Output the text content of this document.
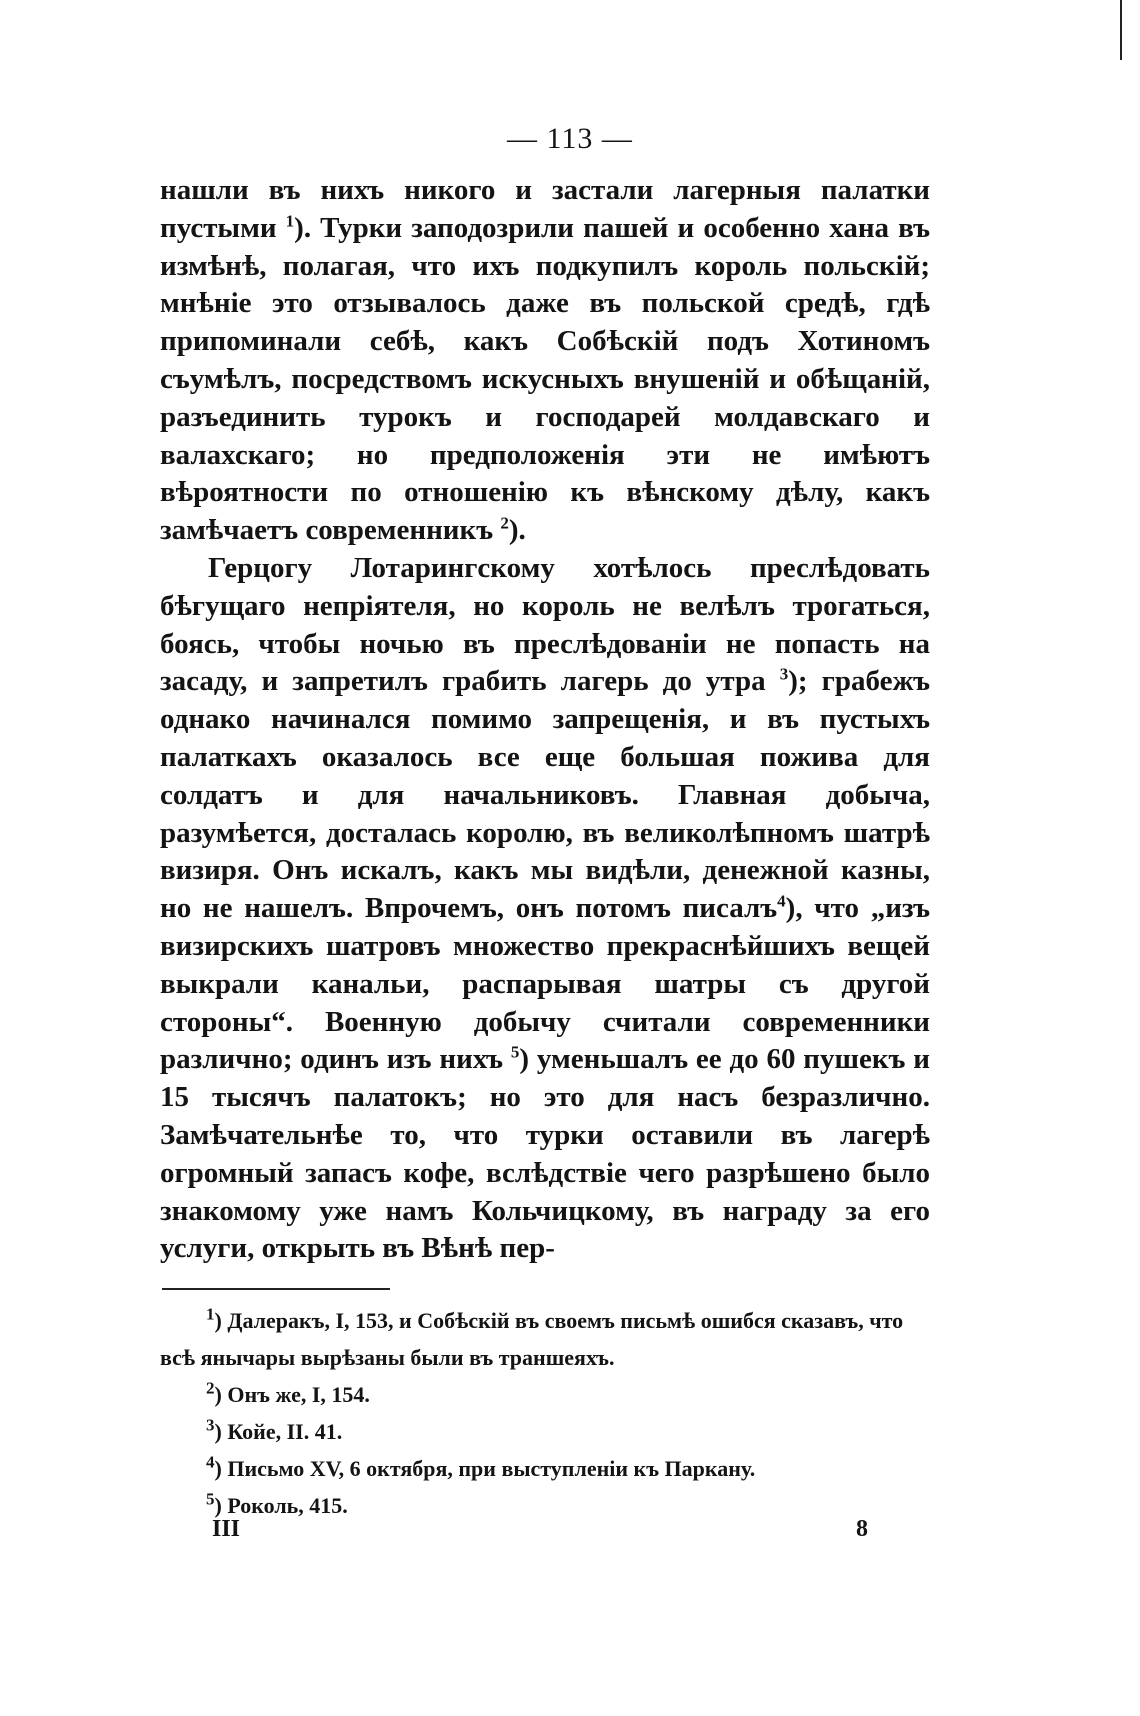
— 113 —

нашли въ нихъ никого и застали лагерныя палатки пустыми $^1$). Турки заподозрили пашей и особенно хана въ измѣнѣ, полагая, что ихъ подкупилъ король польскій; мнѣніе это отзывалось даже въ польской средѣ, гдѣ припоминали себѣ, какъ Собѣскій подъ Хотиномъ съумѣлъ, посредствомъ искусныхъ внушеній и обѣщаній, разъединить турокъ и господарей молдавскаго и валахскаго; но предположенія эти не имѣютъ вѣроятности по отношенію къ вѣнскому дѣлу, какъ замѣчаетъ современникъ $^2$).

Герцогу Лотарингскому хотѣлось преслѣдовать бѣгущаго непріятеля, но король не велѣлъ трогаться, боясь, чтобы ночью въ преслѣдованіи не попасть на засаду, и запретилъ грабить лагерь до утра $^3$); грабежъ однако начинался помимо запрещенія, и въ пустыхъ палаткахъ оказалось все еще большая пожива для солдатъ и для начальниковъ. Главная добыча, разумѣется, досталась королю, въ великолѣпномъ шатрѣ визиря. Онъ искалъ, какъ мы видѣли, денежной казны, но не нашелъ. Впрочемъ, онъ потомъ писалъ$^4$), что „изъ визирскихъ шатровъ множество прекраснѣйшихъ вещей выкрали канальи, распарывая шатры съ другой стороны“. Военную добычу считали современники различно; одинъ изъ нихъ $^5$) уменьшалъ ее до 60 пушекъ и 15 тысячъ палатокъ; но это для насъ безразлично. Замѣчательнѣе то, что турки оставили въ лагерѣ огромный запасъ кофе, вслѣдствіе чего разрѣшено было знакомому уже намъ Кольчицкому, въ награду за его услуги, открыть въ Вѣнѣ пер-

$^1$) Далеракъ, I, 153, и Собѣскій въ своемъ письмѣ ошибся сказавъ, что всѣ янычары вырѣзаны были въ траншеяхъ.

$^2$) Онъ же, I, 154.

$^3$) Койе, II. 41.

$^4$) Письмо XV, 6 октября, при выступленіи къ Паркану.

$^5$) Роколь, 415.

III	8
